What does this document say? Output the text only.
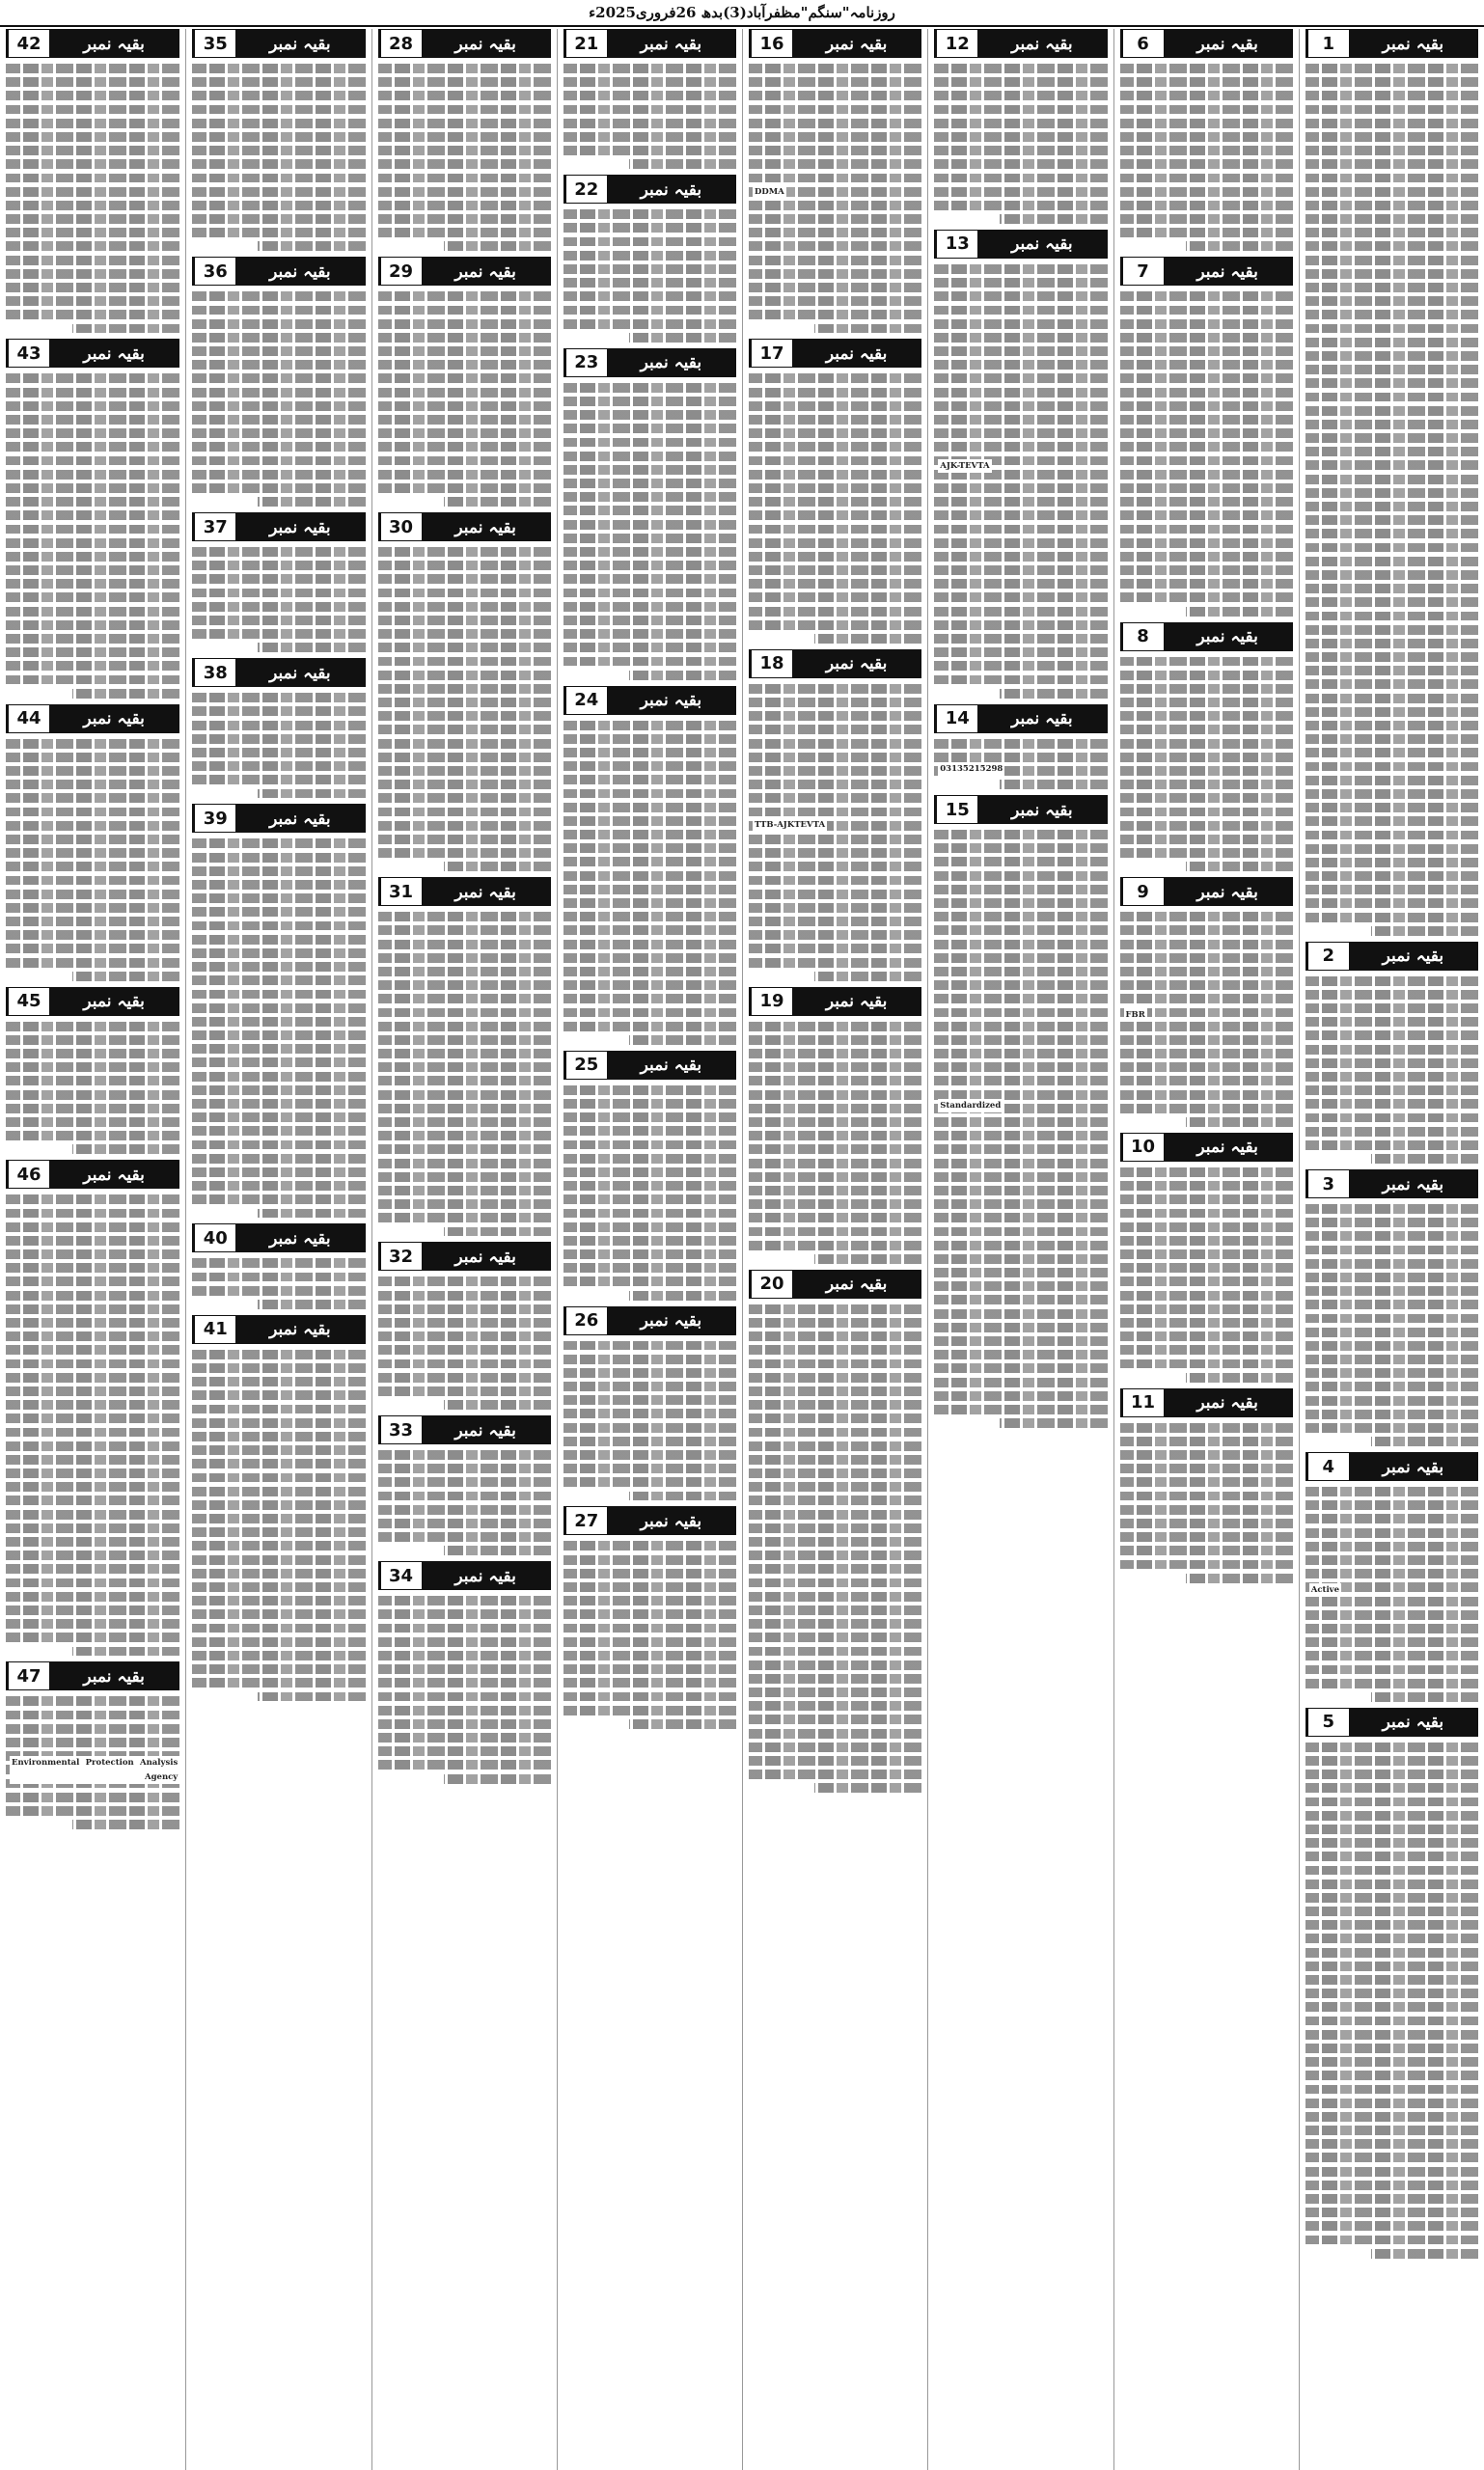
روزنامہ"سنگم"مظفرآباد(3)بدھ 26فروری2025ء
بقیہ نمبر
1
بقیہ نمبر
2
بقیہ نمبر
3
بقیہ نمبر
4
Active
بقیہ نمبر
5
بقیہ نمبر
6
بقیہ نمبر
7
بقیہ نمبر
8
بقیہ نمبر
9
FBR
بقیہ نمبر
10
بقیہ نمبر
11
بقیہ نمبر
12
بقیہ نمبر
13
AJK-TEVTA
بقیہ نمبر
14
03135215298
بقیہ نمبر
15
Standardized
بقیہ نمبر
16
DDMA
بقیہ نمبر
17
بقیہ نمبر
18
TTB-AJKTEVTA
بقیہ نمبر
19
بقیہ نمبر
20
بقیہ نمبر
21
بقیہ نمبر
22
بقیہ نمبر
23
بقیہ نمبر
24
بقیہ نمبر
25
بقیہ نمبر
26
بقیہ نمبر
27
بقیہ نمبر
28
بقیہ نمبر
29
بقیہ نمبر
30
بقیہ نمبر
31
بقیہ نمبر
32
بقیہ نمبر
33
بقیہ نمبر
34
بقیہ نمبر
35
بقیہ نمبر
36
بقیہ نمبر
37
بقیہ نمبر
38
بقیہ نمبر
39
بقیہ نمبر
40
بقیہ نمبر
41
بقیہ نمبر
42
بقیہ نمبر
43
بقیہ نمبر
44
بقیہ نمبر
45
بقیہ نمبر
46
بقیہ نمبر
47
Environmental Protection Analysis Agency
